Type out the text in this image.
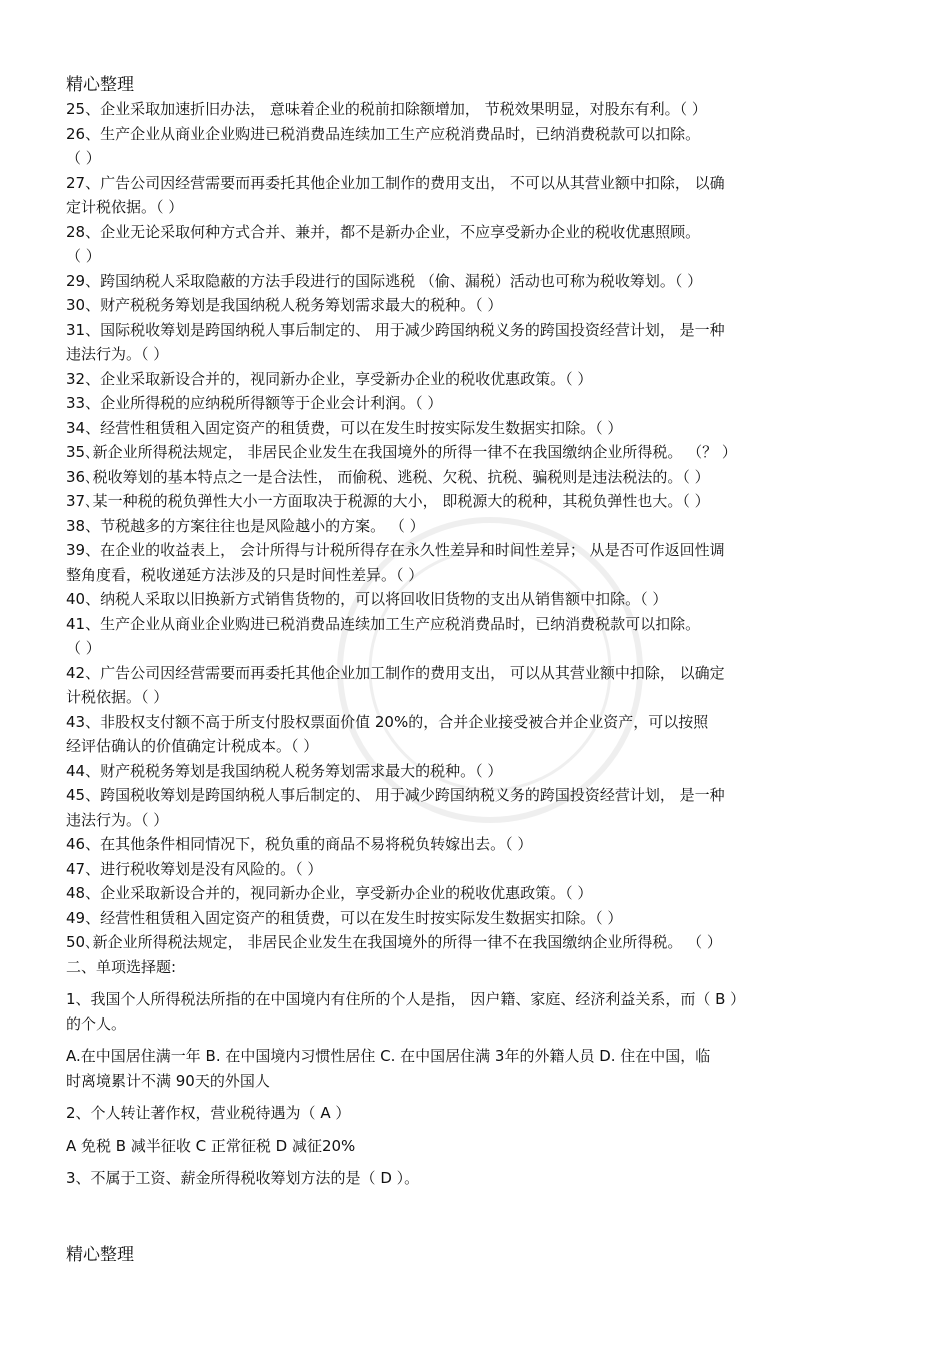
精心整理
25、企业采取加速折旧办法， 意味着企业的税前扣除额增加， 节税效果明显，对股东有利。（ ）
26、生产企业从商业企业购进已税消费品连续加工生产应税消费品时，已纳消费税款可以扣除。
（ ）
27、广告公司因经营需要而再委托其他企业加工制作的费用支出， 不可以从其营业额中扣除， 以确
定计税依据。（ ）
28、企业无论采取何种方式合并、兼并，都不是新办企业，不应享受新办企业的税收优惠照顾。
（ ）
29、跨国纳税人采取隐蔽的方法手段进行的国际逃税 （偷、漏税）活动也可称为税收筹划。（ ）
30、财产税税务筹划是我国纳税人税务筹划需求最大的税种。（ ）
31、国际税收筹划是跨国纳税人事后制定的、 用于减少跨国纳税义务的跨国投资经营计划， 是一种
违法行为。（ ）
32、企业采取新设合并的，视同新办企业，享受新办企业的税收优惠政策。（ ）
33、企业所得税的应纳税所得额等于企业会计利润。（ ）
34、经营性租赁租入固定资产的租赁费，可以在发生时按实际发生数据实扣除。（ ）
35､新企业所得税法规定， 非居民企业发生在我国境外的所得一律不在我国缴纳企业所得税。 （？ ）
36､税收筹划的基本特点之一是合法性， 而偷税、逃税、欠税、抗税、骗税则是违法税法的。（ ）
37､某一种税的税负弹性大小一方面取决于税源的大小， 即税源大的税种，其税负弹性也大。（ ）
38、节税越多的方案往往也是风险越小的方案。 （ ）
39、在企业的收益表上， 会计所得与计税所得存在永久性差异和时间性差异； 从是否可作返回性调
整角度看，税收递延方法涉及的只是时间性差异。（ ）
40、纳税人采取以旧换新方式销售货物的，可以将回收旧货物的支出从销售额中扣除。（ ）
41、生产企业从商业企业购进已税消费品连续加工生产应税消费品时，已纳消费税款可以扣除。
（ ）
42、广告公司因经营需要而再委托其他企业加工制作的费用支出， 可以从其营业额中扣除， 以确定
计税依据。（ ）
43、非股权支付额不高于所支付股权票面价值 20%的，合并企业接受被合并企业资产，可以按照
经评估确认的价值确定计税成本。（ ）
44、财产税税务筹划是我国纳税人税务筹划需求最大的税种。（ ）
45、跨国税收筹划是跨国纳税人事后制定的、 用于减少跨国纳税义务的跨国投资经营计划， 是一种
违法行为。（ ）
46、在其他条件相同情况下，税负重的商品不易将税负转嫁出去。（ ）
47、进行税收筹划是没有风险的。（ ）
48、企业采取新设合并的，视同新办企业，享受新办企业的税收优惠政策。（ ）
49、经营性租赁租入固定资产的租赁费，可以在发生时按实际发生数据实扣除。（ ）
50､新企业所得税法规定， 非居民企业发生在我国境外的所得一律不在我国缴纳企业所得税。 （ ）
二、单项选择题:
1、我国个人所得税法所指的在中国境内有住所的个人是指， 因户籍、家庭、经济利益关系，而（ B ）
的个人。
A.在中国居住满一年 B. 在中国境内习惯性居住 C. 在中国居住满 3年的外籍人员 D. 住在中国，临
时离境累计不满 90天的外国人
2、个人转让著作权，营业税待遇为（ A ）
A 免税 B 减半征收 C 正常征税 D 减征20%
3、不属于工资、薪金所得税收筹划方法的是（ D ）。
精心整理
